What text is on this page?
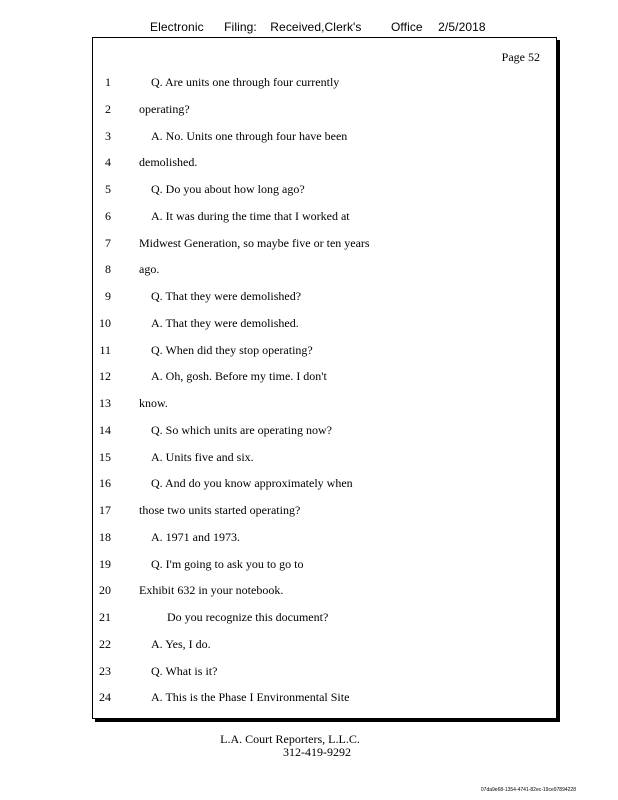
Electronic Filing: Received,Clerk's Office 2/5/2018
Page 52
1	Q. Are units one through four currently
2 operating?
3	A. No. Units one through four have been
4 demolished.
5	Q. Do you about how long ago?
6	A. It was during the time that I worked at
7 Midwest Generation, so maybe five or ten years
8 ago.
9	Q. That they were demolished?
10	A. That they were demolished.
11	Q. When did they stop operating?
12	A. Oh, gosh. Before my time. I don't
13 know.
14	Q. So which units are operating now?
15	A. Units five and six.
16	Q. And do you know approximately when
17 those two units started operating?
18	A. 1971 and 1973.
19	Q. I'm going to ask you to go to
20 Exhibit 632 in your notebook.
21	Do you recognize this document?
22	A. Yes, I do.
23	Q. What is it?
24	A. This is the Phase I Environmental Site
L.A. Court Reporters, L.L.C.
312-419-9292
07da9e68-1354-4741-82ec-19ce97894228
